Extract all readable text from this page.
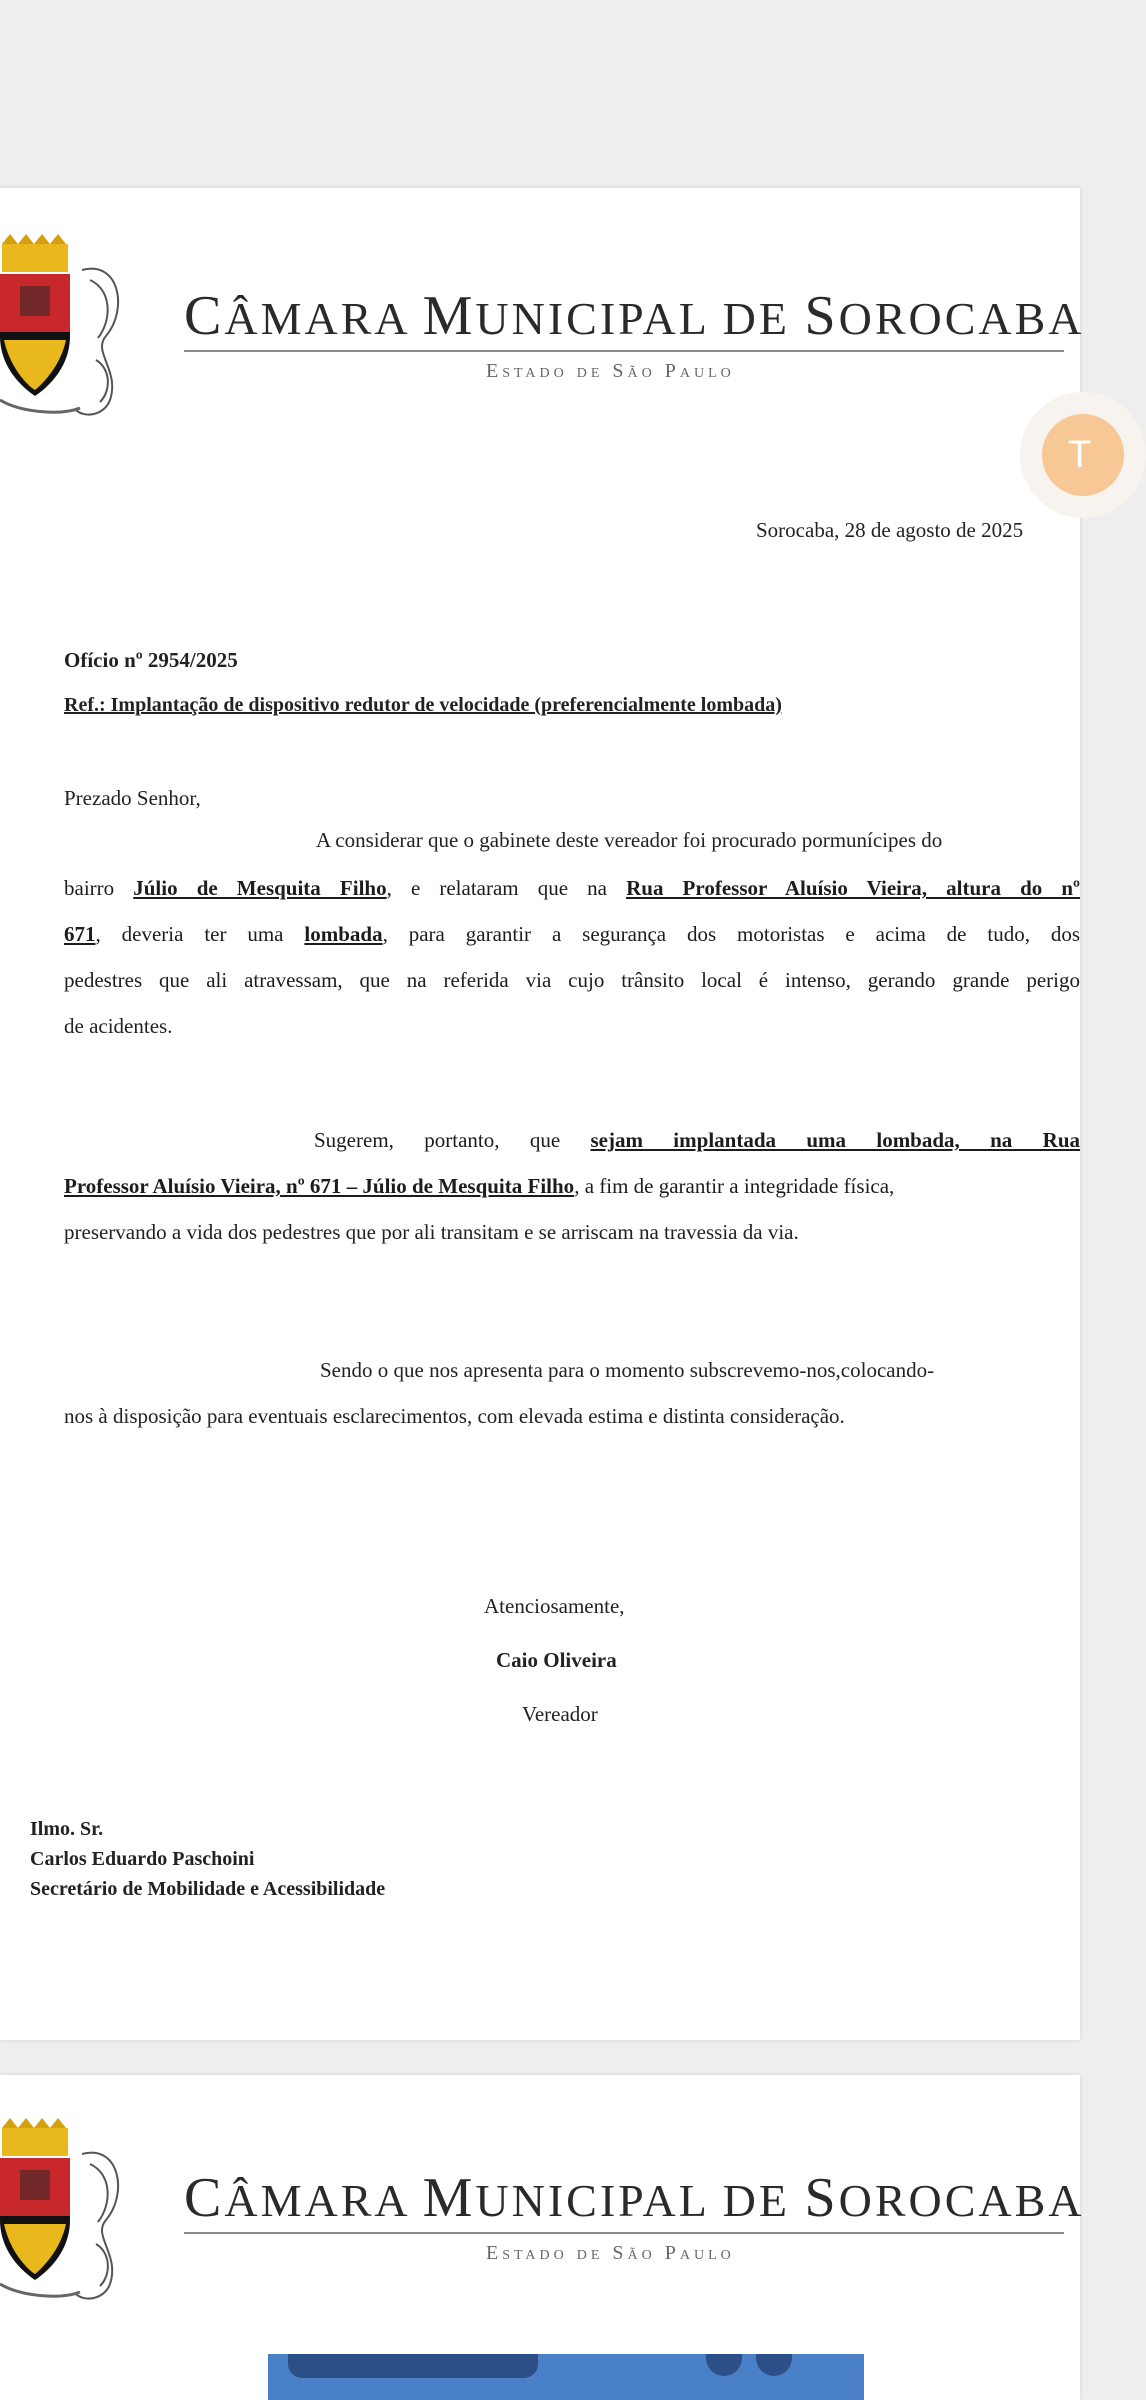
CÂMARA MUNICIPAL DE SOROCABA
Estado de São Paulo
T
Sorocaba, 28 de agosto de 2025
Ofício nº 2954/2025
Ref.: Implantação de dispositivo redutor de velocidade (preferencialmente lombada)
Prezado Senhor,
A considerar que o gabinete deste vereador foi procurado pormunícipes do
bairro Júlio de Mesquita Filho, e relataram que na Rua Professor Aluísio Vieira, altura do nº
671, deveria ter uma lombada, para garantir a segurança dos motoristas e acima de tudo, dos
pedestres que ali atravessam, que na referida via cujo trânsito local é intenso, gerando grande perigo
de acidentes.
Sugerem, portanto, que sejam implantada uma lombada, na Rua
Professor Aluísio Vieira, nº 671 – Júlio de Mesquita Filho, a fim de garantir a integridade física,
preservando a vida dos pedestres que por ali transitam e se arriscam na travessia da via.
Sendo o que nos apresenta para o momento subscrevemo-nos,colocando-
nos à disposição para eventuais esclarecimentos, com elevada estima e distinta consideração.
Atenciosamente,
Caio Oliveira
Vereador
Ilmo. Sr.
Carlos Eduardo Paschoini
Secretário de Mobilidade e Acessibilidade
CÂMARA MUNICIPAL DE SOROCABA
Estado de São Paulo
